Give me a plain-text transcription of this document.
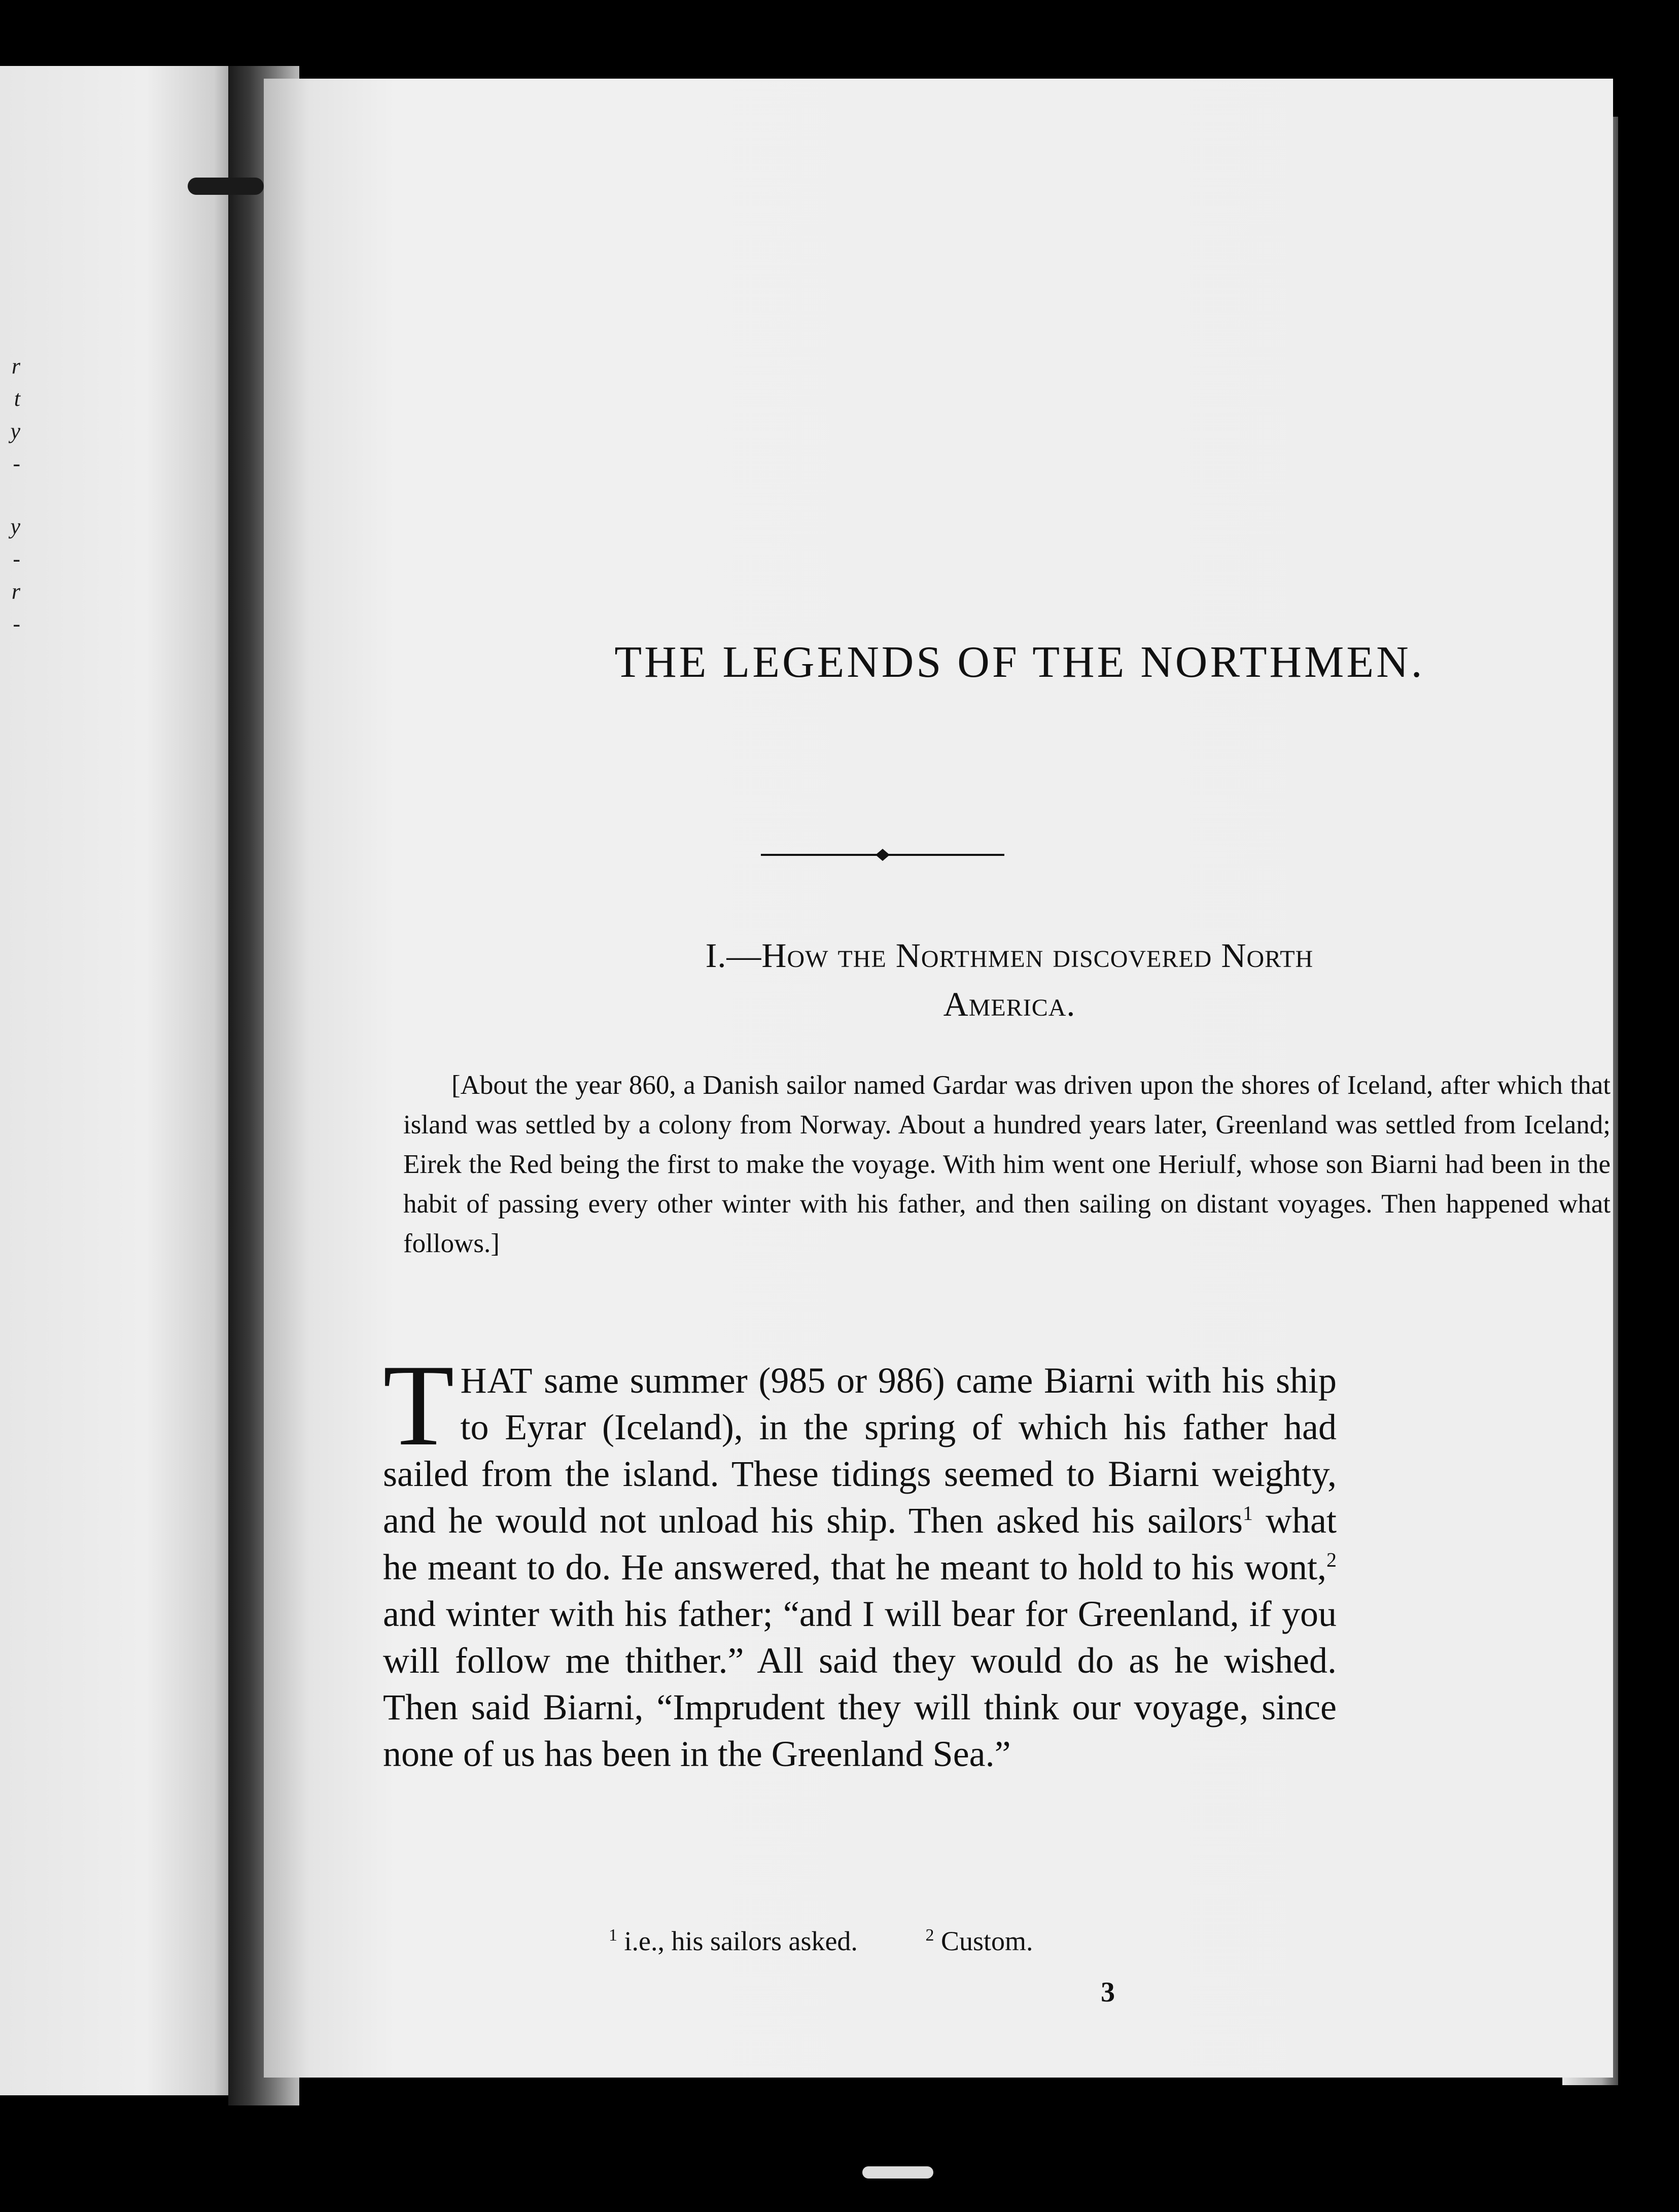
r
t
y
-
y
-
r
-
THE LEGENDS OF THE NORTHMEN.
I.—How the Northmen discovered North
America.

[About the year 860, a Danish sailor named Gardar was driven upon the shores of Iceland, after which that island was settled by a colony from Norway. About a hundred years later, Greenland was settled from Iceland; Eirek the Red being the first to make the voyage. With him went one Heriulf, whose son Biarni had been in the habit of passing every other winter with his father, and then sailing on distant voyages. Then happened what follows.]

THAT same summer (985 or 986) came Biarni with his ship to Eyrar (Iceland), in the spring of which his father had sailed from the island. These tidings seemed to Biarni weighty, and he would not unload his ship. Then asked his sailors$^1$ what he meant to do. He answered, that he meant to hold to his wont,$^2$ and winter with his father; “and I will bear for Greenland, if you will follow me thither.” All said they would do as he wished. Then said Biarni, “Imprudent they will think our voyage, since none of us has been in the Greenland Sea.”

$^1$ i.e., his sailors asked.	$^2$ Custom.

3
